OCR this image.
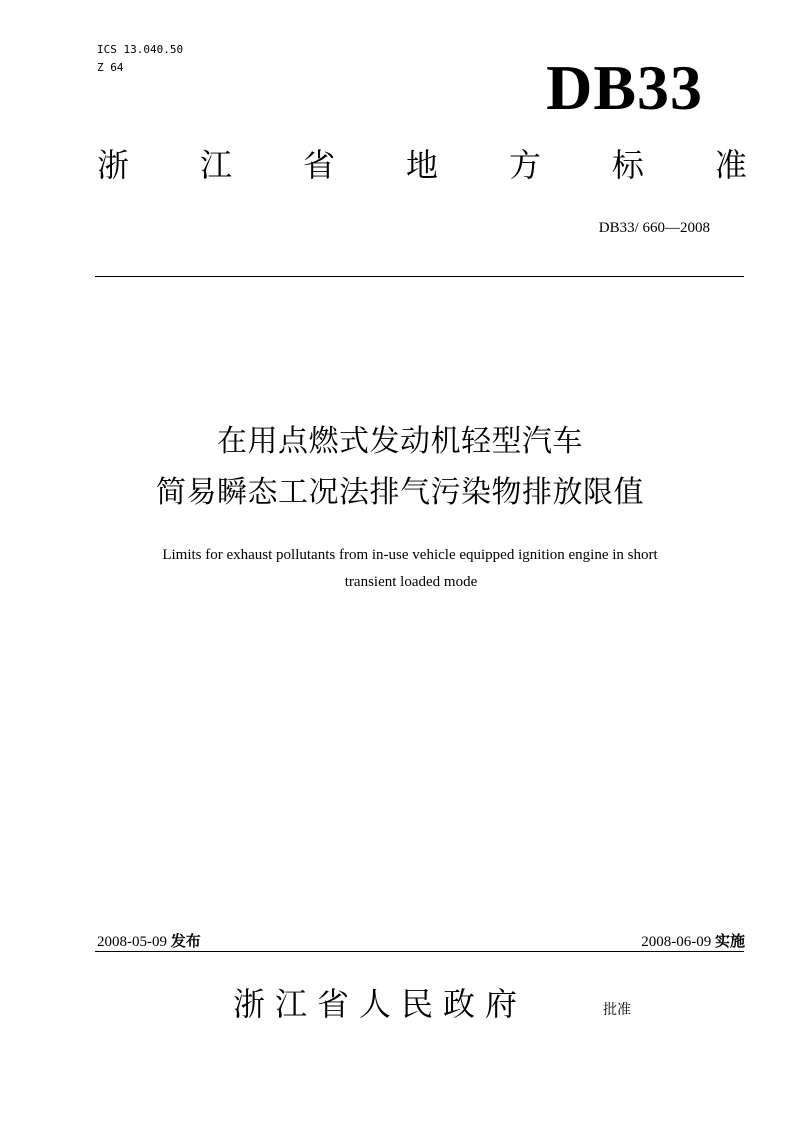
ICS 13.040.50
Z 64	DB33
浙 江 省 地 方 标 准
DB33/ 660—2008
在用点燃式发动机轻型汽车
简易瞬态工况法排气污染物排放限值
Limits for exhaust pollutants from in-use vehicle equipped ignition engine in short
transient loaded mode
2008-05-09 发布	2008-06-09 实施
浙江省人民政府	批准
